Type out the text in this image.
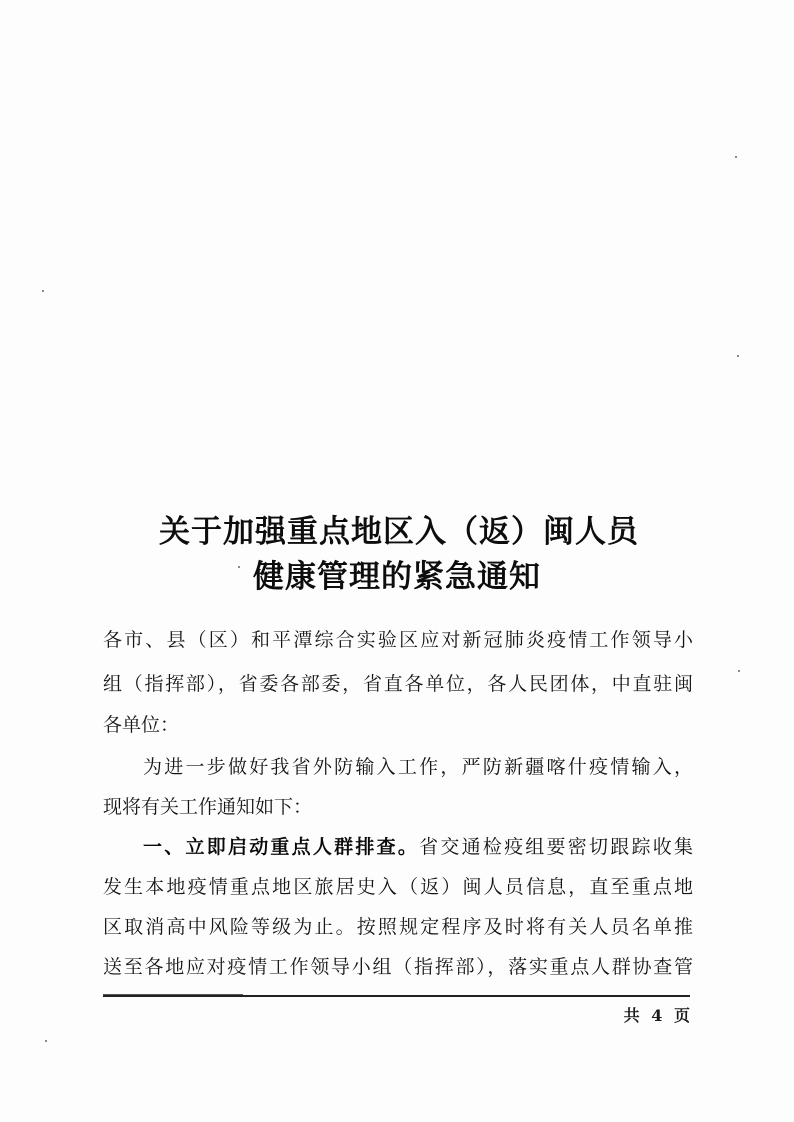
关于加强重点地区入（返）闽人员
健康管理的紧急通知
各市、县（区）和平潭综合实验区应对新冠肺炎疫情工作领导小
组（指挥部），省委各部委，省直各单位，各人民团体，中直驻闽
各单位：
为进一步做好我省外防输入工作，严防新疆喀什疫情输入，
现将有关工作通知如下：
一、立即启动重点人群排查。省交通检疫组要密切跟踪收集
发生本地疫情重点地区旅居史入（返）闽人员信息，直至重点地
区取消高中风险等级为止。按照规定程序及时将有关人员名单推
送至各地应对疫情工作领导小组（指挥部），落实重点人群协查管
共 4 页
